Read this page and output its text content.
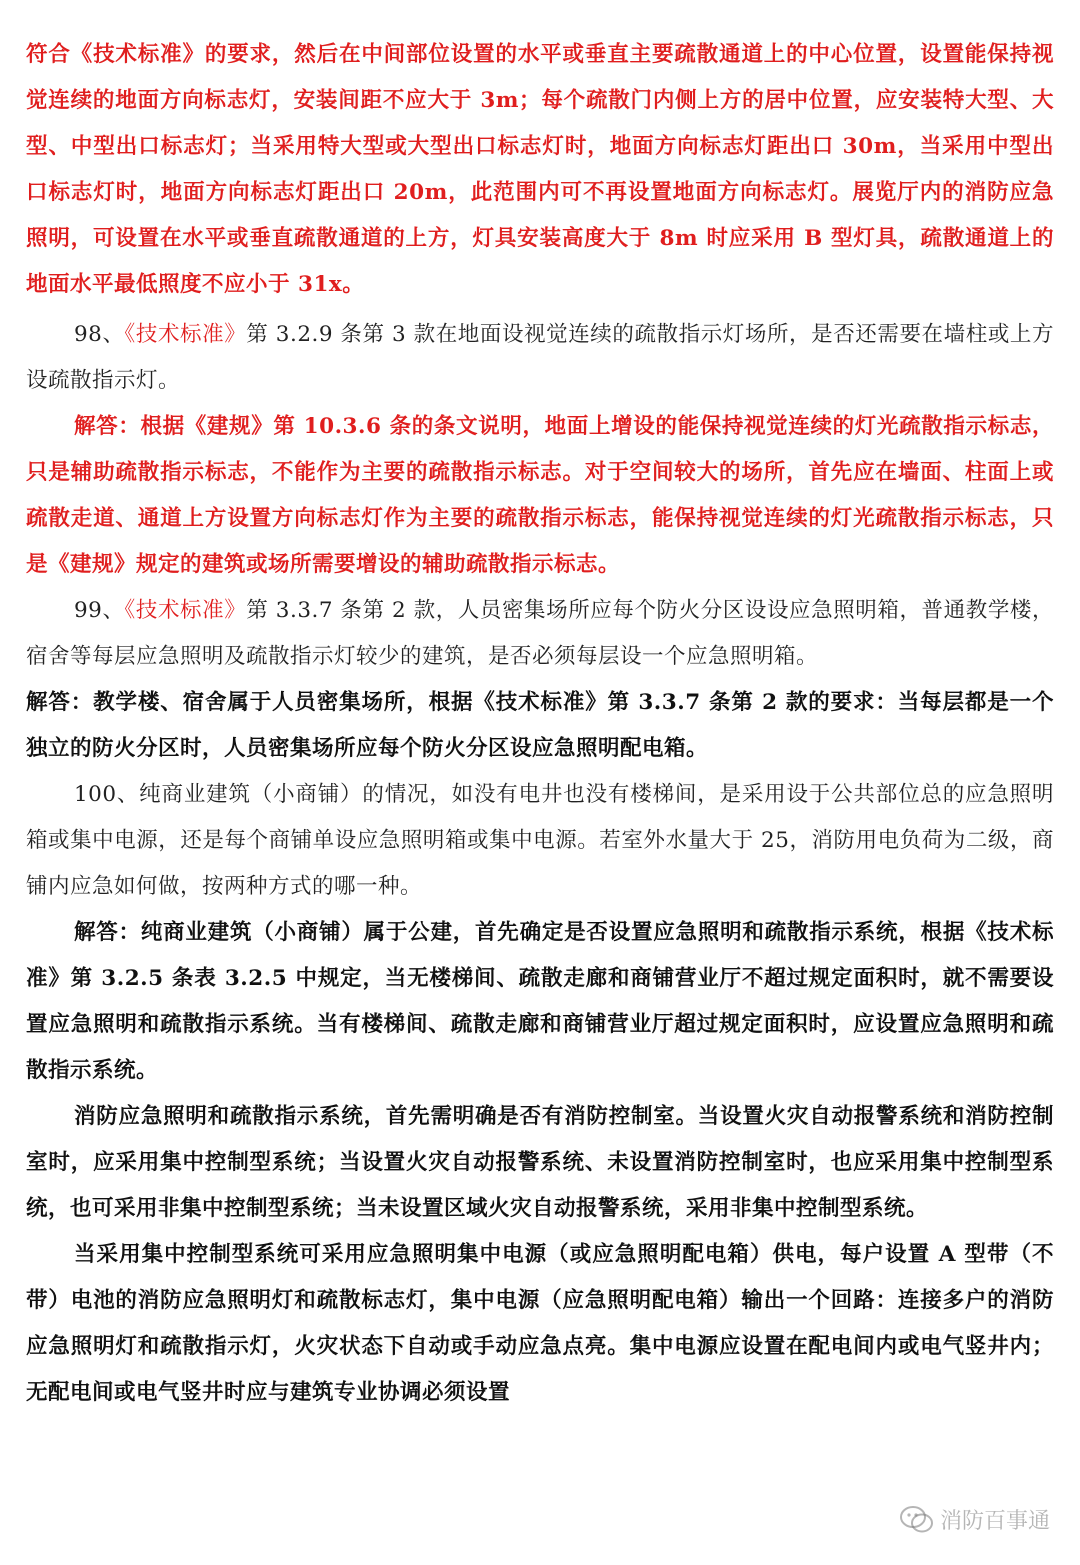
符合《技术标准》的要求，然后在中间部位设置的水平或垂直主要疏散通道上的中心位置，设置能保持视觉连续的地面方向标志灯，安装间距不应大于 3m；每个疏散门内侧上方的居中位置，应安装特大型、大型、中型出口标志灯；当采用特大型或大型出口标志灯时，地面方向标志灯距出口 30m，当采用中型出口标志灯时，地面方向标志灯距出口 20m，此范围内可不再设置地面方向标志灯。展览厅内的消防应急照明，可设置在水平或垂直疏散通道的上方，灯具安装高度大于 8m 时应采用 B 型灯具，疏散通道上的地面水平最低照度不应小于 31x。

98、《技术标准》第 3.2.9 条第 3 款在地面设视觉连续的疏散指示灯场所，是否还需要在墙柱或上方设疏散指示灯。

解答：根据《建规》第 10.3.6 条的条文说明，地面上增设的能保持视觉连续的灯光疏散指示标志，只是辅助疏散指示标志，不能作为主要的疏散指示标志。对于空间较大的场所，首先应在墙面、柱面上或疏散走道、通道上方设置方向标志灯作为主要的疏散指示标志，能保持视觉连续的灯光疏散指示标志，只是《建规》规定的建筑或场所需要增设的辅助疏散指示标志。

99、《技术标准》第 3.3.7 条第 2 款，人员密集场所应每个防火分区设设应急照明箱，普通教学楼，宿舍等每层应急照明及疏散指示灯较少的建筑，是否必须每层设一个应急照明箱。

解答：教学楼、宿舍属于人员密集场所，根据《技术标准》第 3.3.7 条第 2 款的要求：当每层都是一个独立的防火分区时，人员密集场所应每个防火分区设应急照明配电箱。

100、纯商业建筑（小商铺）的情况，如没有电井也没有楼梯间，是采用设于公共部位总的应急照明箱或集中电源，还是每个商铺单设应急照明箱或集中电源。若室外水量大于 25，消防用电负荷为二级，商铺内应急如何做，按两种方式的哪一种。

解答：纯商业建筑（小商铺）属于公建，首先确定是否设置应急照明和疏散指示系统，根据《技术标准》第 3.2.5 条表 3.2.5 中规定，当无楼梯间、疏散走廊和商铺营业厅不超过规定面积时，就不需要设置应急照明和疏散指示系统。当有楼梯间、疏散走廊和商铺营业厅超过规定面积时，应设置应急照明和疏散指示系统。

消防应急照明和疏散指示系统，首先需明确是否有消防控制室。当设置火灾自动报警系统和消防控制室时，应采用集中控制型系统；当设置火灾自动报警系统、未设置消防控制室时，也应采用集中控制型系统，也可采用非集中控制型系统；当未设置区域火灾自动报警系统，采用非集中控制型系统。

当采用集中控制型系统可采用应急照明集中电源（或应急照明配电箱）供电，每户设置 A 型带（不带）电池的消防应急照明灯和疏散标志灯，集中电源（应急照明配电箱）输出一个回路：连接多户的消防应急照明灯和疏散指示灯，火灾状态下自动或手动应急点亮。集中电源应设置在配电间内或电气竖井内；无配电间或电气竖井时应与建筑专业协调必须设置

消防百事通
